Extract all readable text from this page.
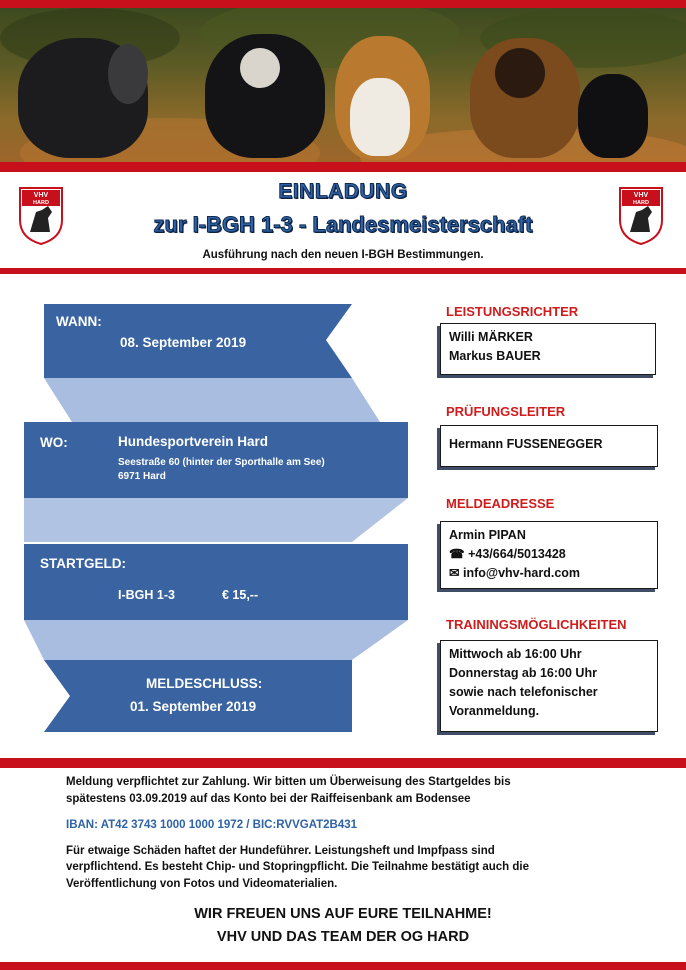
VHV
HARD
VHV
HARD
EINLADUNG
zur I-BGH 1-3 - Landesmeisterschaft
Ausführung nach den neuen I-BGH Bestimmungen.
WANN:
08. September 2019
WO:	Hundesportverein Hard
Seestraße 60 (hinter der Sporthalle am See)
6971 Hard
STARTGELD:
I-BGH 1-3	€ 15,--
MELDESCHLUSS:
01. September 2019
LEISTUNGSRICHTER
Willi MÄRKER
Markus BAUER
PRÜFUNGSLEITER
Hermann FUSSENEGGER
MELDEADRESSE
Armin PIPAN
☎ +43/664/5013428
✉ info@vhv-hard.com
TRAININGSMÖGLICHKEITEN
Mittwoch ab 16:00 Uhr
Donnerstag ab 16:00 Uhr
sowie nach telefonischer
Voranmeldung.
Meldung verpflichtet zur Zahlung. Wir bitten um Überweisung des Startgeldes bis
spätestens 03.09.2019 auf das Konto bei der Raiffeisenbank am Bodensee
IBAN: AT42 3743 1000 1000 1972 / BIC:RVVGAT2B431
Für etwaige Schäden haftet der Hundeführer. Leistungsheft und Impfpass sind
verpflichtend. Es besteht Chip- und Stopringpflicht. Die Teilnahme bestätigt auch die
Veröffentlichung von Fotos und Videomaterialien.
WIR FREUEN UNS AUF EURE TEILNAHME!
VHV UND DAS TEAM DER OG HARD
